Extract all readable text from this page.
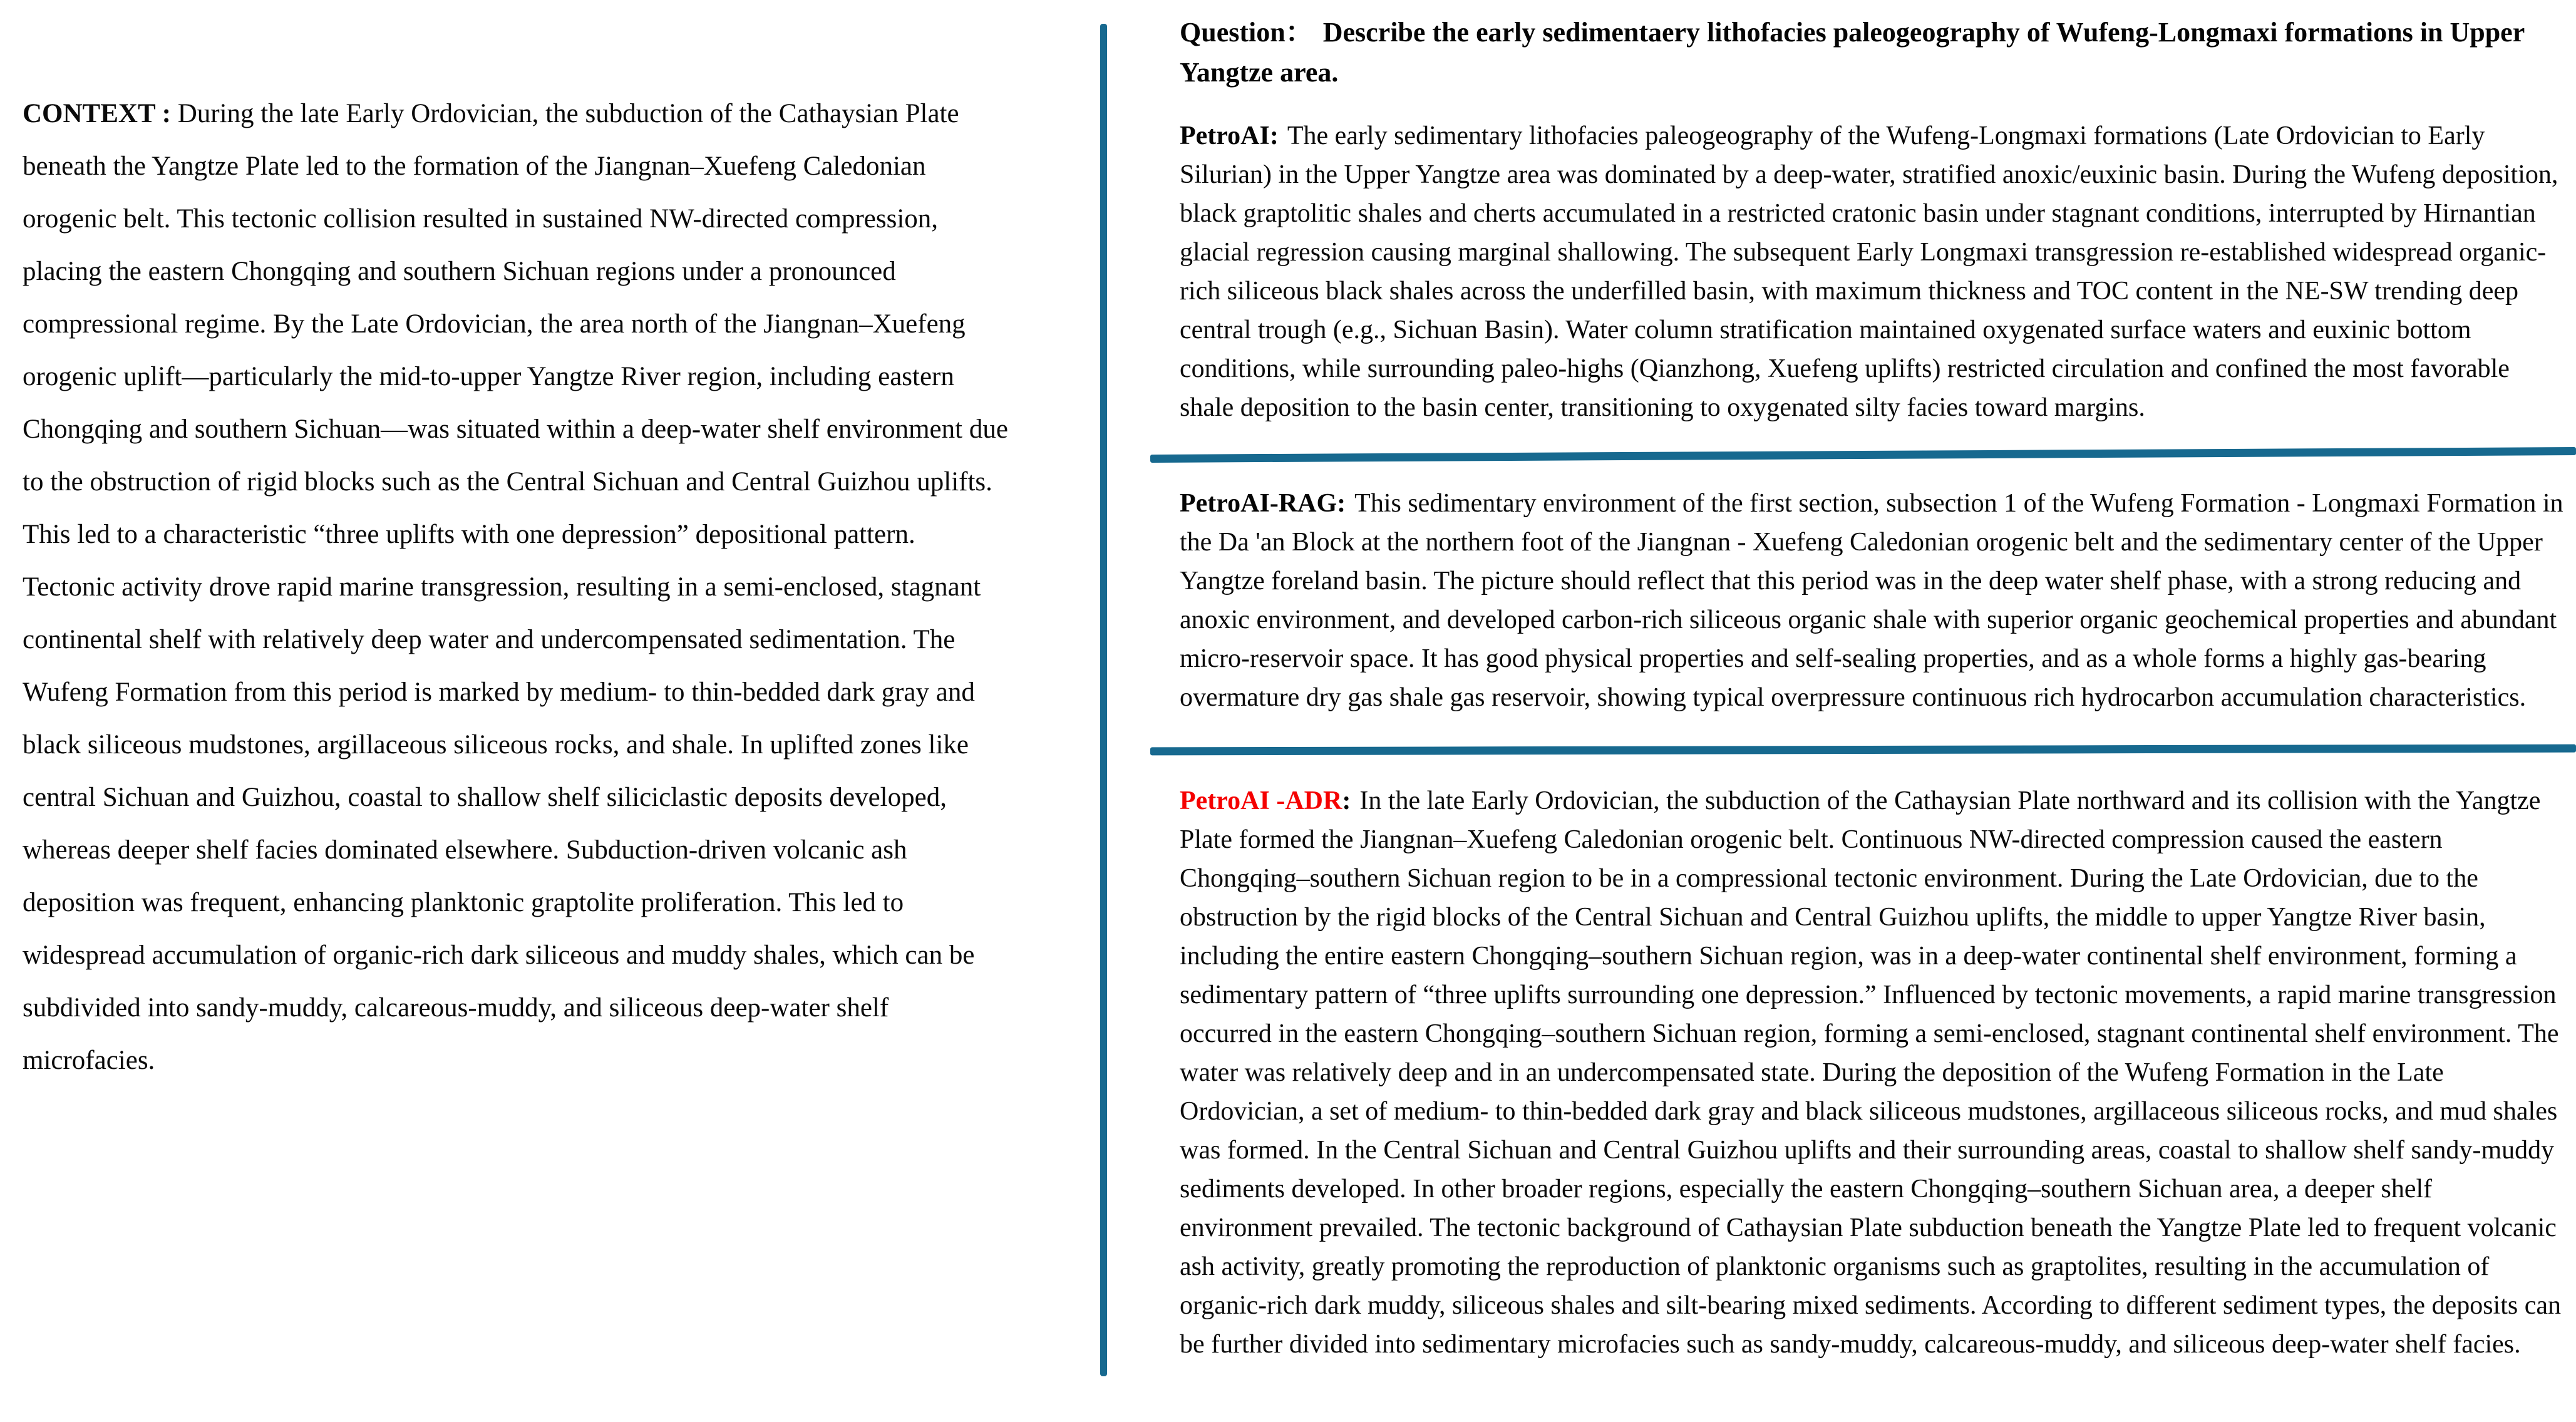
CONTEXT : During the late Early Ordovician, the subduction of the Cathaysian Plate beneath the Yangtze Plate led to the formation of the Jiangnan–Xuefeng Caledonian orogenic belt. This tectonic collision resulted in sustained NW-directed compression, placing the eastern Chongqing and southern Sichuan regions under a pronounced compressional regime. By the Late Ordovician, the area north of the Jiangnan–Xuefeng orogenic uplift—particularly the mid-to-upper Yangtze River region, including eastern Chongqing and southern Sichuan—was situated within a deep-water shelf environment due to the obstruction of rigid blocks such as the Central Sichuan and Central Guizhou uplifts. This led to a characteristic “three uplifts with one depression” depositional pattern. Tectonic activity drove rapid marine transgression, resulting in a semi-enclosed, stagnant continental shelf with relatively deep water and undercompensated sedimentation. The Wufeng Formation from this period is marked by medium- to thin-bedded dark gray and black siliceous mudstones, argillaceous siliceous rocks, and shale. In uplifted zones like central Sichuan and Guizhou, coastal to shallow shelf siliciclastic deposits developed, whereas deeper shelf facies dominated elsewhere. Subduction-driven volcanic ash deposition was frequent, enhancing planktonic graptolite proliferation. This led to widespread accumulation of organic-rich dark siliceous and muddy shales, which can be subdivided into sandy-muddy, calcareous-muddy, and siliceous deep-water shelf microfacies.

Question： Describe the early sedimentaery lithofacies paleogeography of Wufeng-Longmaxi formations in Upper Yangtze area.

PetroAI: The early sedimentary lithofacies paleogeography of the Wufeng-Longmaxi formations (Late Ordovician to Early Silurian) in the Upper Yangtze area was dominated by a deep-water, stratified anoxic/euxinic basin. During the Wufeng deposition, black graptolitic shales and cherts accumulated in a restricted cratonic basin under stagnant conditions, interrupted by Hirnantian glacial regression causing marginal shallowing. The subsequent Early Longmaxi transgression re-established widespread organic-rich siliceous black shales across the underfilled basin, with maximum thickness and TOC content in the NE-SW trending deep central trough (e.g., Sichuan Basin). Water column stratification maintained oxygenated surface waters and euxinic bottom conditions, while surrounding paleo-highs (Qianzhong, Xuefeng uplifts) restricted circulation and confined the most favorable shale deposition to the basin center, transitioning to oxygenated silty facies toward margins.

PetroAI-RAG: This sedimentary environment of the first section, subsection 1 of the Wufeng Formation - Longmaxi Formation in the Da 'an Block at the northern foot of the Jiangnan - Xuefeng Caledonian orogenic belt and the sedimentary center of the Upper Yangtze foreland basin. The picture should reflect that this period was in the deep water shelf phase, with a strong reducing and anoxic environment, and developed carbon-rich siliceous organic shale with superior organic geochemical properties and abundant micro-reservoir space. It has good physical properties and self-sealing properties, and as a whole forms a highly gas-bearing overmature dry gas shale gas reservoir, showing typical overpressure continuous rich hydrocarbon accumulation characteristics.

PetroAI -ADR: In the late Early Ordovician, the subduction of the Cathaysian Plate northward and its collision with the Yangtze Plate formed the Jiangnan–Xuefeng Caledonian orogenic belt. Continuous NW-directed compression caused the eastern Chongqing–southern Sichuan region to be in a compressional tectonic environment. During the Late Ordovician, due to the obstruction by the rigid blocks of the Central Sichuan and Central Guizhou uplifts, the middle to upper Yangtze River basin, including the entire eastern Chongqing–southern Sichuan region, was in a deep-water continental shelf environment, forming a sedimentary pattern of “three uplifts surrounding one depression.” Influenced by tectonic movements, a rapid marine transgression occurred in the eastern Chongqing–southern Sichuan region, forming a semi-enclosed, stagnant continental shelf environment. The water was relatively deep and in an undercompensated state. During the deposition of the Wufeng Formation in the Late Ordovician, a set of medium- to thin-bedded dark gray and black siliceous mudstones, argillaceous siliceous rocks, and mud shales was formed. In the Central Sichuan and Central Guizhou uplifts and their surrounding areas, coastal to shallow shelf sandy-muddy sediments developed. In other broader regions, especially the eastern Chongqing–southern Sichuan area, a deeper shelf environment prevailed. The tectonic background of Cathaysian Plate subduction beneath the Yangtze Plate led to frequent volcanic ash activity, greatly promoting the reproduction of planktonic organisms such as graptolites, resulting in the accumulation of organic-rich dark muddy, siliceous shales and silt-bearing mixed sediments. According to different sediment types, the deposits can be further divided into sedimentary microfacies such as sandy-muddy, calcareous-muddy, and siliceous deep-water shelf facies.
